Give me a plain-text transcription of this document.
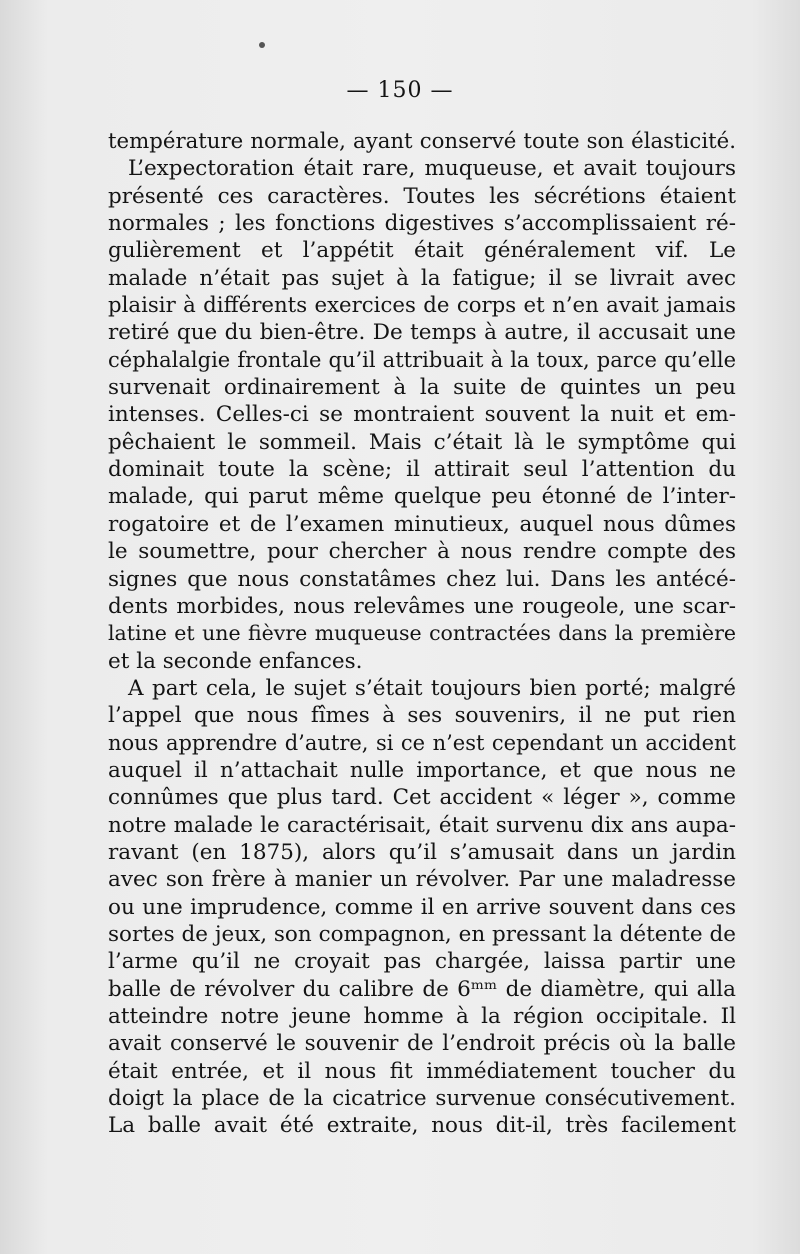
— 150 —
température normale, ayant conservé toute son élasticité.
L’expectoration était rare, muqueuse, et avait toujours
présenté ces caractères. Toutes les sécrétions étaient
normales ; les fonctions digestives s’accomplissaient ré-
gulièrement et l’appétit était généralement vif. Le
malade n’était pas sujet à la fatigue; il se livrait avec
plaisir à différents exercices de corps et n’en avait jamais
retiré que du bien-être. De temps à autre, il accusait une
céphalalgie frontale qu’il attribuait à la toux, parce qu’elle
survenait ordinairement à la suite de quintes un peu
intenses. Celles-ci se montraient souvent la nuit et em-
pêchaient le sommeil. Mais c’était là le symptôme qui
dominait toute la scène; il attirait seul l’attention du
malade, qui parut même quelque peu étonné de l’inter-
rogatoire et de l’examen minutieux, auquel nous dûmes
le soumettre, pour chercher à nous rendre compte des
signes que nous constatâmes chez lui. Dans les antécé-
dents morbides, nous relevâmes une rougeole, une scar-
latine et une fièvre muqueuse contractées dans la première
et la seconde enfances.
A part cela, le sujet s’était toujours bien porté; malgré
l’appel que nous fîmes à ses souvenirs, il ne put rien
nous apprendre d’autre, si ce n’est cependant un accident
auquel il n’attachait nulle importance, et que nous ne
connûmes que plus tard. Cet accident « léger », comme
notre malade le caractérisait, était survenu dix ans aupa-
ravant (en 1875), alors qu’il s’amusait dans un jardin
avec son frère à manier un révolver. Par une maladresse
ou une imprudence, comme il en arrive souvent dans ces
sortes de jeux, son compagnon, en pressant la détente de
l’arme qu’il ne croyait pas chargée, laissa partir une
balle de révolver du calibre de 6ᵐᵐ de diamètre, qui alla
atteindre notre jeune homme à la région occipitale. Il
avait conservé le souvenir de l’endroit précis où la balle
était entrée, et il nous fit immédiatement toucher du
doigt la place de la cicatrice survenue consécutivement.
La balle avait été extraite, nous dit-il, très facilement
